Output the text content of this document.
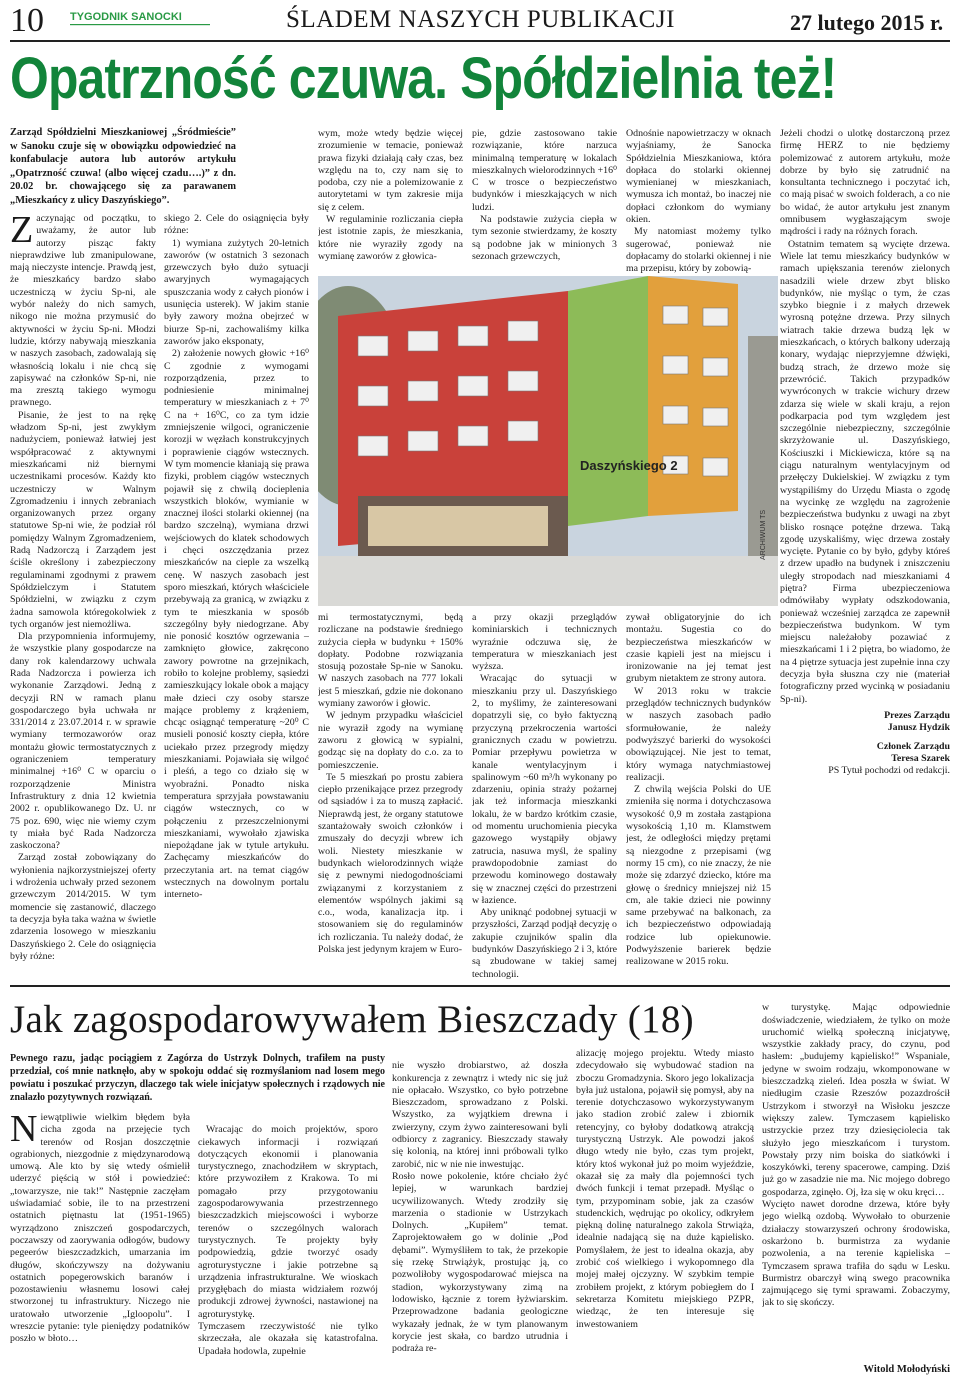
10 TYGODNIK SANOCKI	ŚLADEM NASZYCH PUBLIKACJI	27 lutego 2015 r.
Opatrzność czuwa. Spółdzielnia też!
Zarząd Spółdzielni Mieszkaniowej „Śródmieście” w Sanoku czuje się w obowiązku odpowiedzieć na konfabulacje autora lub autorów artykułu „Opatrzność czuwa! (albo więcej czadu….)” z dn. 20.02 br. chowającego się za parawanem „Mieszkańcy z ulicy Daszyńskiego”.
Z aczynając od początku, to uważamy, że autor lub autorzy pisząc fakty nieprawdziwe lub zmanipulowane, mają nieczyste intencje. Prawdą jest, że mieszkańcy bardzo słabo uczestniczą w życiu Sp-ni, ale wybór należy do nich samych, nikogo nie można przymusić do aktywności w życiu Sp-ni. Młodzi ludzie, którzy nabywają mieszkania w naszych zasobach, zadowalają się własnością lokalu i nie chcą się zapisywać na członków Sp-ni, nie ma zresztą takiego wymogu prawnego.

Pisanie, że jest to na rękę władzom Sp-ni, jest zwykłym nadużyciem, ponieważ łatwiej jest współpracować z aktywnymi mieszkańcami niż biernymi uczestnikami procesów. Każdy kto uczestniczy w Walnym Zgromadzeniu i innych zebraniach organizowanych przez organy statutowe Sp-ni wie, że podział ról pomiędzy Walnym Zgromadzeniem, Radą Nadzorczą i Zarządem jest ściśle określony i zabezpieczony regulaminami zgodnymi z prawem Spółdzielczym i Statutem Spółdzielni, w związku z czym żadna samowola któregokolwiek z tych organów jest niemożliwa.

Dla przypomnienia informujemy, że wszystkie plany gospodarcze na dany rok kalendarzowy uchwala Rada Nadzorcza i powierza ich wykonanie Zarządowi. Jedną z decyzji RN w ramach planu gospodarczego była uchwała nr 331/2014 z 23.07.2014 r. w sprawie wymiany termozaworów oraz montażu głowic termostatycznych z ograniczeniem temperatury minimalnej +16⁰ C w oparciu o rozporządzenie Ministra Infrastruktury z dnia 12 kwietnia 2002 r. opublikowanego Dz. U. nr 75 poz. 690, więc nie wiemy czym ty miała być Rada Nadzorcza zaskoczona?

Zarząd został zobowiązany do wyłonienia najkorzystniejszej oferty i wdrożenia uchwały przed sezonem grzewczym 2014/2015. W tym momencie się zastanowić, dlaczego ta decyzja była taka ważna w świetle zdarzenia losowego w mieszkaniu Daszyńskiego 2. Cele do osiągnięcia były różne:

skiego 2. Cele do osiągnięcia były różne:

1) wymiana zużytych 20-letnich zaworów (w ostatnich 3 sezonach grzewczych było dużo sytuacji awaryjnych wymagających spuszczania wody z całych pionów i usunięcia usterek). W jakim stanie były zawory można obejrzeć w biurze Sp-ni, zachowaliśmy kilka zaworów jako eksponaty,

2) założenie nowych głowic +16⁰ C zgodnie z wymogami rozporządzenia, przez to podniesienie minimalnej temperatury w mieszkaniach z + 7⁰ C na + 16⁰C, co za tym idzie zmniejszenie wilgoci, ograniczenie korozji w węzłach konstrukcyjnych i poprawienie ciągów wstecznych. W tym momencie kłaniają się prawa fizyki, problem ciągów wstecznych pojawił się z chwilą docieplenia wszystkich bloków, wymianie w znacznej ilości stolarki okiennej (na bardzo szczelną), wymiana drzwi wejściowych do klatek schodowych i chęci oszczędzania przez mieszkańców na cieple za wszelką cenę. W naszych zasobach jest sporo mieszkań, których właściciele przebywają za granicą, w związku z tym te mieszkania w sposób szczególny były niedogrzane. Aby nie ponosić kosztów ogrzewania – zamknięto głowice, zakręcono zawory powrotne na grzejnikach, robiło to kolejne problemy, sąsiedzi zamieszkujący lokale obok a mający małe dzieci czy osoby starsze mające problemy z krążeniem, chcąc osiągnąć temperaturę ~20⁰ C musieli ponosić koszty ciepła, które uciekało przez przegrody między mieszkaniami. Pojawiała się wilgoć i pleśń, a tego co działo się w wyobraźni. Ponadto niska temperatura sprzyjała powstawaniu ciągów wstecznych, co w połączeniu z przeszczelnionymi mieszkaniami, wywołało zjawiska niepożądane jak w tytule artykułu. Zachęcamy mieszkańców do przeczytania art. na temat ciągów wstecznych na dowolnym portalu interneto-

wym, może wtedy będzie więcej zrozumienie w temacie, ponieważ prawa fizyki działają cały czas, bez względu na to, czy nam się to podoba, czy nie a polemizowanie z autorytetami w tym zakresie mija się z celem.

W regulaminie rozliczania ciepła jest istotnie zapis, że mieszkania, które nie wyraziły zgody na wymianę zaworów z głowica-

pie, gdzie zastosowano takie rozwiązanie, które narzuca minimalną temperaturę w lokalach mieszkalnych wielorodzinnych +16⁰ C w trosce o bezpieczeństwo budynków i mieszkających w nich ludzi.

Na podstawie zużycia ciepła w tym sezonie stwierdzamy, że koszty są podobne jak w minionych 3 sezonach grzewczych,

Odnośnie napowietrzaczy w oknach wyjaśniamy, że Sanocka Spółdzielnia Mieszkaniowa, która dopłaca do stolarki okiennej wymienianej w mieszkaniach, wymusza ich montaż, bo inaczej nie dopłaci członkom do wymiany okien.

My natomiast możemy tylko sugerować, ponieważ nie dopłacamy do stolarki okiennej i nie ma przepisu, który by zobowią-

Daszyńskiego 2
ARCHIWUM TS

Jeżeli chodzi o ulotkę dostarczoną przez firmę HERZ to nie będziemy polemizować z autorem artykułu, może dobrze by było się zatrudnić na konsultanta technicznego i poczytać ich, co mają pisać w swoich folderach, a co nie bo widać, że autor artykułu jest znanym omnibusem wygłaszającym swoje mądrości i rady na różnych forach.

Ostatnim tematem są wycięte drzewa. Wiele lat temu mieszkańcy budynków w ramach upiększania terenów zielonych nasadzili wiele drzew zbyt blisko budynków, nie myśląc o tym, że czas szybko biegnie i z małych drzewek wyrosną potężne drzewa. Przy silnych wiatrach takie drzewa budzą lęk w mieszkańcach, o których balkony uderzają konary, wydając nieprzyjemne dźwięki, budzą strach, że drzewo może się przewrócić. Takich przypadków wywróconych w trakcie wichury drzew zdarza się wiele w skali kraju, a rejon podkarpacia pod tym względem jest szczególnie niebezpieczny, szczególnie skrzyżowanie ul. Daszyńskiego, Kościuszki i Mickiewicza, które są na ciągu naturalnym wentylacyjnym od przełęczy Dukielskiej. W związku z tym wystąpiliśmy do Urzędu Miasta o zgodę na wycinkę ze względu na zagrożenie bezpieczeństwa budynku z uwagi na zbyt blisko rosnące potężne drzewa. Taką zgodę uzyskaliśmy, więc drzewa zostały wycięte. Pytanie co by było, gdyby któreś z drzew upadło na budynek i zniszczeniu uległy stropodach nad mieszkaniami 4 piętra? Firma ubezpieczeniowa odmówiłaby wypłaty odszkodowania, ponieważ wcześniej zarządca ze zapewnił bezpieczeństwa budynkom. W tym miejscu należałoby pozawiać z mieszkańcami 1 i 2 piętra, bo wiadomo, że na 4 piętrze sytuacja jest zupełnie inna czy decyzja była słuszna czy nie (materiał fotograficzny przed wycinką w posiadaniu Sp-ni).

Prezes Zarządu

Janusz Hydzik

Członek Zarządu

Teresa Szarek

PS Tytuł pochodzi od redakcji.

mi termostatycznymi, będą rozliczane na podstawie średniego zużycia ciepła w budynku + 150% dopłaty. Podobne rozwiązania stosują pozostałe Sp-nie w Sanoku. W naszych zasobach na 777 lokali jest 5 mieszkań, gdzie nie dokonano wymiany zaworów i głowic.

W jednym przypadku właściciel nie wyraził zgody na wymianę zaworu z głowicą w sypialni, godząc się na dopłaty do c.o. za to pomieszczenie.

Te 5 mieszkań po prostu zabiera ciepło przenikające przez przegrody od sąsiadów i za to muszą zapłacić. Nieprawdą jest, że organy statutowe szantażowały swoich członków i zmuszały do decyzji wbrew ich woli. Niestety mieszkanie w budynkach wielorodzinnych wiąże się z pewnymi niedogodnościami związanymi z korzystaniem z elementów wspólnych jakimi są c.o., woda, kanalizacja itp. i stosowaniem się do regulaminów ich rozliczania. Tu należy dodać, że Polska jest jedynym krajem w Euro-

a przy okazji przeglądów kominiarskich i technicznych wyraźnie odczuwa się, że temperatura w mieszkaniach jest wyższa.

Wracając do sytuacji w mieszkaniu przy ul. Daszyńskiego 2, to myślimy, że zainteresowani dopatrzyli się, co było faktyczną przyczyną przekroczenia wartości granicznych czadu w powietrzu. Pomiar przepływu powietrza w kanale wentylacyjnym i spalinowym ~60 m³/h wykonany po zdarzeniu, opinia straży pożarnej jak też informacja mieszkanki lokalu, że w bardzo krótkim czasie, od momentu uruchomienia piecyka gazowego wystąpiły objawy zatrucia, nasuwa myśl, że spaliny prawdopodobnie zamiast do przewodu kominowego dostawały się w znacznej części do przestrzeni w łazience.

Aby uniknąć podobnej sytuacji w przyszłości, Zarząd podjął decyzję o zakupie czujników spalin dla budynków Daszyńskiego 2 i 3, które są zbudowane w takiej samej technologii.

zywał obligatoryjnie do ich montażu. Sugestia co do bezpieczeństwa mieszkańców w czasie kąpieli jest na miejscu i ironizowanie na jej temat jest grubym nietaktem ze strony autora.

W 2013 roku w trakcie przeglądów technicznych budynków w naszych zasobach padło sformułowanie, że należy podwyższyć barierki do wysokości obowiązującej. Nie jest to temat, który wymaga natychmiastowej realizacji.

Z chwilą wejścia Polski do UE zmieniła się norma i dotychczasowa wysokość 0,9 m została zastąpiona wysokością 1,10 m. Klamstwem jest, że odległości między prętami są niezgodne z przepisami (wg normy 15 cm), co nie znaczy, że nie może się zdarzyć dziecko, które ma głowę o średnicy mniejszej niż 15 cm, ale takie dzieci nie powinny same przebywać na balkonach, za ich bezpieczeństwo odpowiadają rodzice lub opiekunowie. Podwyższenie barierek będzie realizowane w 2015 roku.

Jak zagospodarowywałem Bieszczady (18)
Pewnego razu, jadąc pociągiem z Zagórza do Ustrzyk Dolnych, trafiłem na pusty przedział, coś mnie natknęło, aby w spokoju oddać się rozmyślaniom nad losem mego powiatu i poszukać przyczyn, dlaczego tak wiele inicjatyw społecznych i rządowych nie znalazło pozytywnych rozwiązań.
N iewątpliwie wielkim błędem była cicha zgoda na przejęcie tych terenów od Rosjan doszczętnie ograbionych, niezgodnie z międzynarodową umową. Ale kto by się wtedy ośmielił uderzyć pięścią w stół i powiedzieć: „towarzysze, nie tak!” Następnie zaczęłam uświadamiać sobie, ile to na przestrzeni ostatnich piętnastu lat (1951-1965) wyrządzono zniszczeń gospodarczych, poczawszy od zaorywania odłogów, budowy pegeerów bieszczadzkich, umarzania im długów, skończywszy na dożywaniu ostatnich popegerowskich baranów i pozostawieniu własnemu losowi całej stworzonej tu infrastruktury. Niczego nie uratowało utworzenie „Igloopolu”. I wreszcie pytanie: tyle pieniędzy podatników poszło w błoto…

Wracając do moich projektów, sporo ciekawych informacji i rozwiązań dotyczących ekonomii i planowania turystycznego, znachodziłem w skryptach, które przywoziłem z Krakowa. To mi pomagało przy przygotowaniu zagospodarowywania przestrzennego bieszczadzkich miejscowości i wyborze terenów o szczególnych walorach turystycznych. Te projekty były podpowiedzią, gdzie tworzyć osady agroturystyczne i jakie potrzebne są urządzenia infrastrukturalne. We wioskach przygłębach do miasta widziałem rozwój produkcji zdrowej żywności, nastawionej na agroturystykę.
Tymczasem rzeczywistość nie tylko skrzeczała, ale okazała się katastrofalna. Upadała hodowla, zupełnie

nie wyszło drobiarstwo, aż doszła konkurencja z zewnątrz i wtedy nic się już nie opłacało. Wszystko, co było potrzebne Bieszczadom, sprowadzano z Polski. Wszystko, za wyjątkiem drewna i zwierzyny, czym żywo zainteresowani byli odbiorcy z zagranicy. Bieszczady stawały się kolonią, na której inni próbowali tylko zarobić, nic w nie nie inwestując.
Rosło nowe pokolenie, które chciało żyć lepiej, w warunkach bardziej ucywilizowanych. Wtedy zrodziły się marzenia o stadionie w Ustrzykach Dolnych. „Kupiłem” temat. Zaprojektowałem go w dolinie „Pod dębami”. Wymyśliłem to tak, że przekopie się rzekę Strwiążyk, prostując ją, co pozwoliłoby wygospodarować miejsca na stadion, wykorzystywany zimą na lodowisko, łącznie z torem łyżwiarskim. Przeprowadzone badania geologiczne wykazały jednak, że w tym planowanym korycie jest skała, co bardzo utrudnia i podraża re-

alizację mojego projektu. Wtedy miasto zdecydowało się wybudować stadion na zboczu Gromadzynia. Skoro jego lokalizacja była już ustalona, pojawił się pomysł, aby na terenie dotychczasowo wykorzystywanym jako stadion zrobić zalew i zbiornik retencyjny, co byłoby dodatkową atrakcją turystyczną Ustrzyk. Ale powodzi jakoś długo wtedy nie było, czas tym projekt, który ktoś wykonał już po moim wyjeździe, okazał się za mały dla pojemności tych dwóch funkcji i temat przepadł. Myśląc o tym, przypominam sobie, jak za czasów studenckich, wędrując po okolicy, odkryłem piękną dolinę naturalnego zakola Strwiąża, idealnie nadającą się na duże kąpielisko. Pomyślałem, że jest to idealna okazja, aby zrobić coś wielkiego i wykopomnego dla mojej małej ojczyzny. W szybkim tempie zrobiłem projekt, z którym pobiegłem do I sekretarza Komitetu miejskiego PZPR, wiedząc, że ten interesuje się inwestowaniem

w turystykę. Mając odpowiednie doświadczenie, wiedziałem, że tylko on może uruchomić wielką społeczną inicjatywę, wszystkie zakłady pracy, do czynu, pod hasłem: „budujemy kąpielisko!” Wspaniale, jedyne w swoim rodzaju, wkomponowane w bieszczadzką zieleń. Idea poszła w świat. W niedługim czasie Rzeszów pozazdrościł Ustrzykom i stworzył na Wisłoku jeszcze większy zalew. Tymczasem kąpielisko ustrzyckie przez trzy dziesięciolecia tak służyło jego mieszkańcom i turystom. Powstały przy nim boiska do siatkówki i koszykówki, tereny spacerowe, camping. Dziś już go w zasadzie nie ma. Nic mojego dobrego gospodarza, zginęło. Oj, łza się w oku kręci…
Wycięto nawet dorodne drzewa, które były jego wielką ozdobą. Wywołało to oburzenie działaczy stowarzyszeń ochrony środowiska, oskarżono b. burmistrza za wydanie pozwolenia, a na terenie kąpieliska – Tymczasem sprawa trafiła do sądu w Lesku. Burmistrz obarczył winą swego pracownika zajmującego się tymi sprawami. Zobaczymy, jak to się skończy.

Witold Mołodyński
